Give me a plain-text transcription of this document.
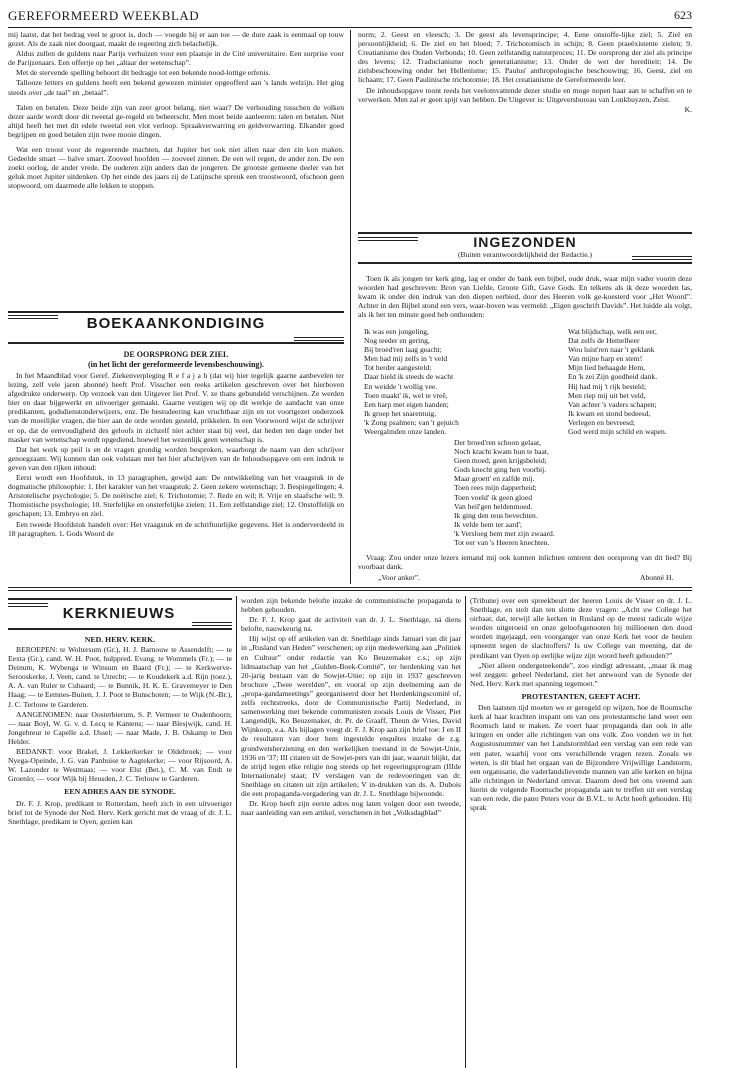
GEREFORMEERD WEEKBLAD	623

mij laatst, dat het bedrag veel te groot is, doch — voegde hij er aan toe — de dure zaak is eenmaal op touw gezet. Als de zaak niet doorgaat, maakt de regeering zich belachelijk.

Aldus zullen de guldens naar Parijs verhuizen voor een plaatsje in de Cité universitaire. Een surprise voor de Parijzenaars. Een offertje op het „altaar der wetenschap”.

Met de stervende spelling behoort dit bedragje tot een bekende nood-lottige erfenis.

Tallooze letters en guldens heeft een bekend gewezen minister opgeofferd aan 's lands welzijn. Het ging steeds over „de taal” en „betaal”.

Talen en betalen. Deze beide zijn van zeer groot belang, niet waar? De verhouding tusschen de volken dezer aarde wordt door dit tweetal ge-regeld en beheerscht. Men moet beide aanleeren: talen en betalen. Niet altijd heeft het met dit edele tweetal een vlot verloop. Spraakverwarring en geldverwarring. Elkander goed begrijpen en goed betalen zijn twee mooie dingen.

Wat een troost voor de regeerende machten, dat Jupiter het ook niet allen naar den zin kon maken. Gedeelde smart — halve smart. Zooveel hoofden — zooveel zinnen. De een wil regen, de ander zon. De een zoekt oorlog, de ander vrede. De ouderen zijn anders dan de jongeren. De grootste gemeene deeler van het geluk moet Jupiter uitdenken. Op het einde des jaars zij de Latijnsche spreuk een troostwoord, ofschoon geen stopwoord, om daarmede alle lekken te stoppen.

BOEKAANKONDIGING
DE OORSPRONG DER ZIEL
(in het licht der gereformeerde levensbeschouwing).

In het Maandblad voor Geref. Ziekenverpleging R e f a j a h (dat wij hier tegelijk gaarne aanbevelen ter lezing, zelf vele jaren abonné) heeft Prof. Visscher een reeks artikelen geschreven over het hierboven afgedrukte onderwerp. Op verzoek van den Uitgever liet Prof. V. ze thans gebundeld verschijnen. Ze werden hier en daar bijgewerkt en uitvoeriger gemaakt. Gaarne vestigen wij op dit werkje de aandacht van onze predikanten, godsdienstonderwijzers, enz. De bestudeering kan vruchtbaar zijn en tot voortgezet onderzoek van de moeilijke vragen, die hier aan de orde worden gesteld, prikkelen. In een Voorwoord wijst de schrijver er op, dat de eenvoudigheid des geloofs in zichzelf niet achter staat bij veel, dat heden ten dage onder het masker van wetenschap wordt opgediend, hoewel het wezenlijk geen wetenschap is.

Dat het werk op peil is en de vragen grondig worden besproken, waarborgt de naam van den schrijver genoegzaam. Wij kunnen dan ook volstaan met het hier afschrijven van de Inhoudsopgave om een indruk te geven van den rijken inhoud:

Eerst wordt een Hoofdstuk, in 13 paragraphen, gewijd aan: De ontwikkeling van het vraagstuk in de dogmatische philosophie: 1. Het karakter van het vraagstuk; 2. Geen zekere wetenschap; 3. Bespiegelingen; 4. Aristotelische psychologie; 5. De noëtische ziel; 6. Trichotomie; 7. Rede en wil; 8. Vrije en slaafsche wil; 9. Thomistische psychologie; 10. Sterfelijke en onsterfelijke zielen; 11. Een zelfstandige ziel; 12. Onstoffelijk en geschapen; 13. Embryo en ziel.

Een tweede Hoofdstuk handelt over: Het vraagstuk en de schriftuurlijke gegevens. Het is onderverdeeld in 18 paragraphen. 1. Gods Woord de

norm; 2. Geest en vleesch; 3. De geest als levensprincipe; 4. Eene onstoffe-lijke ziel; 5. Ziel en persoonlijkheid; 6. De ziel en het bloed; 7. Trichotomisch in schijn; 8. Geen praeëxistente zielen; 9. Creatianisme des Ouden Verbonds; 10. Geen zelfstandig natuurproces; 11. De oorsprong der ziel als principe des levens; 12. Traducianisme noch generatianisme; 13. Onder de wet der herediteit; 14. De zielsbeschouwing onder het Hellenisme; 15. Paulus' anthropologische beschouwing; 16. Geest, ziel en lichaam; 17. Geen Paulinische trichotomie; 18. Het creatianisme de Gereformeerde leer.

De inhoudsopgave toont reeds het veelomvattende dezer studie en moge nopen haar aan te schaffen en te verwerken. Men zal er geen spijt van hebben. De Uitgever is: Uitgeversbureau van Lonkhuyzen, Zeist.

K.
INGEZONDEN
(Buiten verantwoordelijkheid der Redactie.)

Toen ik als jongen ter kerk ging, lag er onder de bank een bijbel, oude druk, waar mijn vader voorin deze woorden had geschreven: Bron van Liefde, Groote Gift, Gave Gods. En telkens als ik deze woorden las, kwam ik onder den indruk van den diepen eerbied, door des Heeren volk ge-koesterd voor „Het Woord”. Achter in den Bijbel stond een vers, waar-boven was vermeld: „Eigen geschrift Davids”. Het luidde als volgt, als ik het ten minste goed heb onthouden:

Ik was een jongeling,
Nog teeder en gering,
Bij broed'ren laag geacht;
Men had mij zelfs in 't veld
Tot herder aangesteld;
Daar hield ik steeds de wacht
En weidde 't wollig vee.
Toen maakt' ik, wel te vreê,
Een harp met eigen handen;
Ik groep het snarentuig,
'k Zong psalmen; van 't gejuich
Weergalmden onze landen.
Wat blijdschap, welk een eer,
Dat zelfs de Hemelheer
Wou luist'ren naar 't geklank
Van mijne harp en stem!
Mijn lied behaagde Hem,
En 'k zei Zijn goedheid dank.
Hij had mij 't rijk besteld;
Men riep mij uit het veld,
Van achter 's vaders schapen;
Ik kwam en stond bedeesd,
Verlegen en bevreesd;
God werd mijn schild en wapen.
Der broed'ren schoon gelaat,
Noch kracht kwam hun te baat,
Geen moed, geen krijgsbeleid;
Gods knecht ging hen voorbij.
Maar groett' en zalfde mij.
Toen rees mijn dapperheid;
Toen voeld' ik geen gloed
Van heil'gen heldenmoed.
Ik ging den reus bevechten.
Ik velde hem ter aard';
'k Versloeg hem met zijn zwaard.
Tot eer van 's Heeren knechten.

Vraag: Zou onder onze lezers iemand mij ook kunnen inlichten omtrent den oorsprong van dit lied? Bij voorbaat dank.

„Voor anker”.	Abonné H.
KERKNIEUWS
NED. HERV. KERK.

BEROEPEN: te Woltersum (Gr.), H. J. Barnouw te Assendelft; — te Eexta (Gr.), cand. W. H. Poot, hulppred. Evang. te Wommels (Fr.); — te Deinum, K. Wybenga te Winsum en Baard (Fr.); — te Kerkwerve-Serooskerke, J. Veen, cand. te Utrecht; — te Koudekerk a.d. Rijn (toez.), A. A. van Ruler te Cubaard; — te Bunnik, H. K. E. Gravemeyer te Den Haag; — te Eemnes-Buiten, J. J. Poot te Bunschoten; — te Wijk (N.-Br.), J. C. Terlouw te Garderen.

AANGENOMEN: naar Oosterbierum, S. P. Vermeer te Oudenhoorn; — naar Boyl, W. G. v. d. Lecq te Kantens; — naar Blesjwijk, cand. H. Jongebreur te Capelle a.d. IJssel; — naar Made, J. B. Oskamp te Den Helder.

BEDANKT: voor Brakel, J. Lekkerkerker te Oldebroek; — voor Nyega-Opeinde, J. G. van Panhuise te Aagtekerke; — voor Rijsoord, A. W. Lazonder te Westmaas; — voor Elst (Bet.), C. M. van Endt te Groenlo; — voor Wijk bij Heusden, J. C. Terlouw te Garderen.

EEN ADRES AAN DE SYNODE.

Dr. F. J. Krop, predikant te Rotterdam, heeft zich in een uitvoeriger brief tot de Synode der Ned. Herv. Kerk gericht met de vraag of dr. J. L. Snethlage, predikant te Oyen, gezien kan

worden zijn bekende belofte inzake de communistische propaganda te hebben gehouden.

Dr. F. J. Krop gaat de activiteit van dr. J. L. Snethlage, ná diens belofte, nauwkeurig na.

Hij wijst op elf artikelen van dr. Snethlage sinds Januari van dit jaar in „Rusland van Heden” verschenen; op zijn medewerking aan „Politiek en Cultuur” onder redactie van Ko Beuzemaker c.s.; op zijn lidmaatschap van het „Gulden-Boek-Comité”, ter herdenking van het 20-jarig bestaan van de Sowjet-Unie; op zijn in 1937 geschreven brochure „Twee werelden”, en vooral op zijn deelneming aan de „propa-gandameetings” georganiseerd door het Herdenkingscomité of, zelfs rechtstreeks, door de Communistische Partij Nederland, in samenwerking met bekende communisten zooals Louis de Visser, Piet Langendijk, Ko Beuzemaker, dr. Pr. de Graaff, Theun de Vries, David Wijnkoop, e.a. Als bijlagen voegt dr. F. J. Krop aan zijn brief toe: I en II de resultaten van door hem ingestelde enquêtes inzake de z.g. grondwetsherziening en den werkelijken toestand in de Sowjet-Unie, 1936 en '37; III citaten uit de Sowjet-pers van dit jaar, waaruit blijkt, dat de strijd tegen elke religie nog steeds op het regeeringsprogram (IIIde Internationale) staat; IV verslagen van de redevoeringen van dr. Snethlage en citaten uit zijn artikelen; V in-drukken van ds. A. Dubois die een propaganda-vergadering van dr. J. L. Snethlage bijwoonde.

Dr. Krop heeft zijn eerste adres nog laten volgen door een tweede, naar aanleiding van een artikel, verschenen in het „Volksdagblad”

(Tribune) over een spreekbeurt der heeren Louis de Visser en dr. J. L. Snethlage, en stelt dan ten slotte deze vragen: „Acht uw College het oirbaar, dat, terwijl alle kerken in Rusland op de meest radicale wijze worden uitgeroeid en onze geloofsgenooten bij millioenen den dood worden ingejaagd, een voorganger van onze Kerk het voor de beulen opneemt tegen de slachtoffers? Is uw College van meening, dat de predikant van Oyen op eerlijke wijze zijn woord heeft gehouden?”

„Niet alleen ondergeteekende”, zoo eindigt adressant, „maar ik mag wel zeggen: geheel Nederland, ziet het antwoord van de Synode der Ned. Herv. Kerk met spanning tegemoet.”

PROTESTANTEN, GEEFT ACHT.

Den laatsten tijd moeten we er geregeld op wijzen, hoe de Roomsche kerk al haar krachten inspant om van ons protestantsche land weer een Roomsch land te maken. Ze voert haar propaganda dan ook in alle kringen en onder alle richtingen van ons volk. Zoo vonden we in het Augustusnummer van het Landstormblad een verslag van een rede van een pater, waarbij voor ons verschillende vragen rezen. Zooals we weten, is dit blad het orgaan van de Bijzondere Vrijwillige Landstorm, een organisatie, die vaderlandslievende mannen van alle kerken en bijna alle richtingen in Nederland omvat. Daarom deed het ons vreemd aan hierin de volgende Roomsche propaganda aan te treffen uit een verslag van een rede, die pater Peters voor de B.V.L. te Acht heeft gehouden. Hij sprak
